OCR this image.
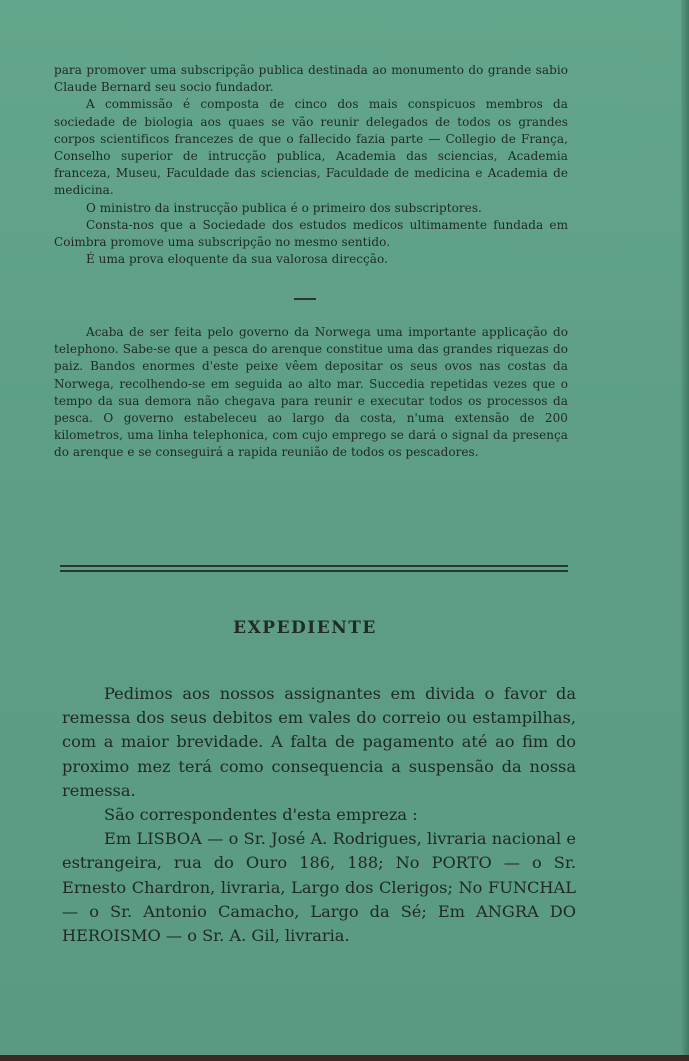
para promover uma subscripção publica destinada ao monumento do grande sabio Claude Bernard seu socio fundador.

A commissão é composta de cinco dos mais conspicuos membros da sociedade de biologia aos quaes se vão reunir delegados de todos os grandes corpos scientificos francezes de que o fallecido fazia parte — Collegio de França, Conselho superior de intrucção publica, Academia das sciencias, Academia franceza, Museu, Faculdade das sciencias, Faculdade de medicina e Academia de medicina.

O ministro da instrucção publica é o primeiro dos subscriptores.

Consta-nos que a Sociedade dos estudos medicos ultimamente fundada em Coimbra promove uma subscripção no mesmo sentido.

É uma prova eloquente da sua valorosa direcção.

Acaba de ser feita pelo governo da Norwega uma importante applicação do telephono. Sabe-se que a pesca do arenque constitue uma das grandes riquezas do paiz. Bandos enormes d'este peixe vêem depositar os seus ovos nas costas da Norwega, recolhendo-se em seguida ao alto mar. Succedia repetidas vezes que o tempo da sua demora não chegava para reunir e executar todos os processos da pesca. O governo estabeleceu ao largo da costa, n'uma extensão de 200 kilometros, uma linha telephonica, com cujo emprego se dará o signal da presença do arenque e se conseguirá a rapida reunião de todos os pescadores.

EXPEDIENTE

Pedimos aos nossos assignantes em divida o favor da remessa dos seus debitos em vales do correio ou estampilhas, com a maior brevidade. A falta de pagamento até ao fim do proximo mez terá como consequencia a suspensão da nossa remessa.

São correspondentes d'esta empreza :

Em LISBOA — o Sr. José A. Rodrigues, livraria nacional e estrangeira, rua do Ouro 186, 188; No PORTO — o Sr. Ernesto Chardron, livraria, Largo dos Clerigos; No FUNCHAL — o Sr. Antonio Camacho, Largo da Sé; Em ANGRA DO HEROISMO — o Sr. A. Gil, livraria.
